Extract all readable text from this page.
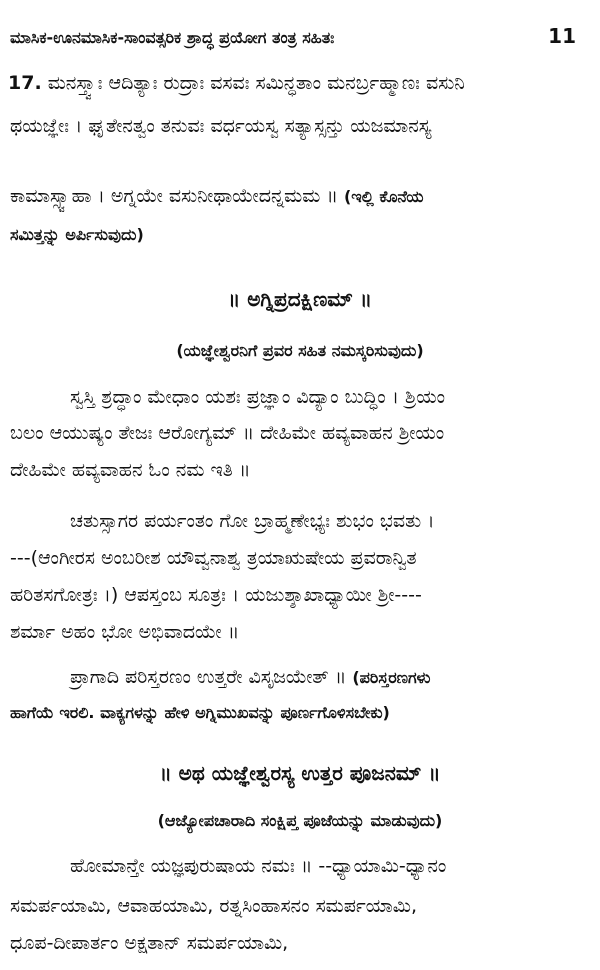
ಮಾಸಿಕ-ಊನಮಾಸಿಕ-ಸಾಂವತ್ಸರಿಕ ಶ್ರಾದ್ಧ ಪ್ರಯೋಗ ತಂತ್ರ ಸಹಿತಃ	11
17. ಮನಸ್ತ್ವಾಃ ಆದಿತ್ಯಾಃ ರುದ್ರಾಃ ವಸವಃ ಸಮಿನ್ಧತಾಂ ಮನರ್ಬ್ರಹ್ಮಾಣಃ ವಸುನಿ
ಥಯಜ್ಞೇಃ । ಘೃತೇನತ್ವಂ ತನುವಃ ವರ್ಧಯಸ್ವ ಸತ್ಯಾಸ್ಸನ್ತು ಯಜಮಾನಸ್ಯ
ಕಾಮಾಸ್ಸ್ವಾಹಾ । ಅಗ್ನಯೇ ವಸುನೀಥಾಯೇದನ್ನಮಮ ॥ (ಇಲ್ಲಿ ಕೊನೆಯ
ಸಮಿತ್ತನ್ನು ಅರ್ಪಿಸುವುದು)
॥ ಅಗ್ನಿಪ್ರದಕ್ಷಿಣಮ್ ॥
(ಯಜ್ಞೇಶ್ವರನಿಗೆ ಪ್ರವರ ಸಹಿತ ನಮಸ್ಕರಿಸುವುದು)
ಸ್ವಸ್ತಿ ಶ್ರದ್ಧಾಂ ಮೇಧಾಂ ಯಶಃ ಪ್ರಜ್ಞಾಂ ವಿದ್ಯಾಂ ಬುದ್ಧಿಂ । ಶ್ರಿಯಂ
ಬಲಂ ಆಯುಷ್ಯಂ ತೇಜಃ ಆರೋಗ್ಯಮ್ ॥ ದೇಹಿಮೇ ಹವ್ಯವಾಹನ ಶ್ರೀಯಂ
ದೇಹಿಮೇ ಹವ್ಯವಾಹನ ಓಂ ನಮ ಇತಿ ॥
ಚತುಸ್ಸಾಗರ ಪರ್ಯಂತಂ ಗೋ ಬ್ರಾಹ್ಮಣೇಭ್ಯಃ ಶುಭಂ ಭವತು ।
---(ಆಂಗೀರಸ ಅಂಬರೀಶ ಯೌವ್ವನಾಶ್ವ ತ್ರಯಾಋಷೇಯ ಪ್ರವರಾನ್ವಿತ
ಹರಿತಸಗೋತ್ರಃ ।) ಆಪಸ್ತಂಬ ಸೂತ್ರಃ । ಯಜುಶ್ಶಾಖಾಧ್ಯಾಯೀ ಶ್ರೀ----
ಶರ್ಮಾ ಅಹಂ ಭೋ ಅಭಿವಾದಯೇ ॥
ಪ್ರಾಗಾದಿ ಪರಿಸ್ತರಣಂ ಉತ್ತರೇ ವಿಸೃಜಯೇತ್ ॥ (ಪರಿಸ್ತರಣಗಳು
ಹಾಗೆಯೆ ಇರಲಿ. ವಾಕ್ಯಗಳನ್ನು ಹೇಳಿ ಅಗ್ನಿಮುಖವನ್ನು ಪೂರ್ಣಗೊಳಿಸಬೇಕು)
॥ ಅಥ ಯಜ್ಞೇಶ್ವರಸ್ಯ ಉತ್ತರ ಪೂಜನಮ್ ॥
(ಆಜ್ಯೋಪಚಾರಾದಿ ಸಂಕ್ಷಿಪ್ತ ಪೂಜೆಯನ್ನು ಮಾಡುವುದು)
ಹೋಮಾನ್ತೇ ಯಜ್ಞಪುರುಷಾಯ ನಮಃ ॥ --ಧ್ಯಾಯಾಮಿ-ಧ್ಯಾನಂ
ಸಮರ್ಪಯಾಮಿ, ಆವಾಹಯಾಮಿ, ರತ್ನಸಿಂಹಾಸನಂ ಸಮರ್ಪಯಾಮಿ,
ಧೂಪ-ದೀಪಾರ್ತಂ ಅಕ್ಷತಾನ್ ಸಮರ್ಪಯಾಮಿ,
